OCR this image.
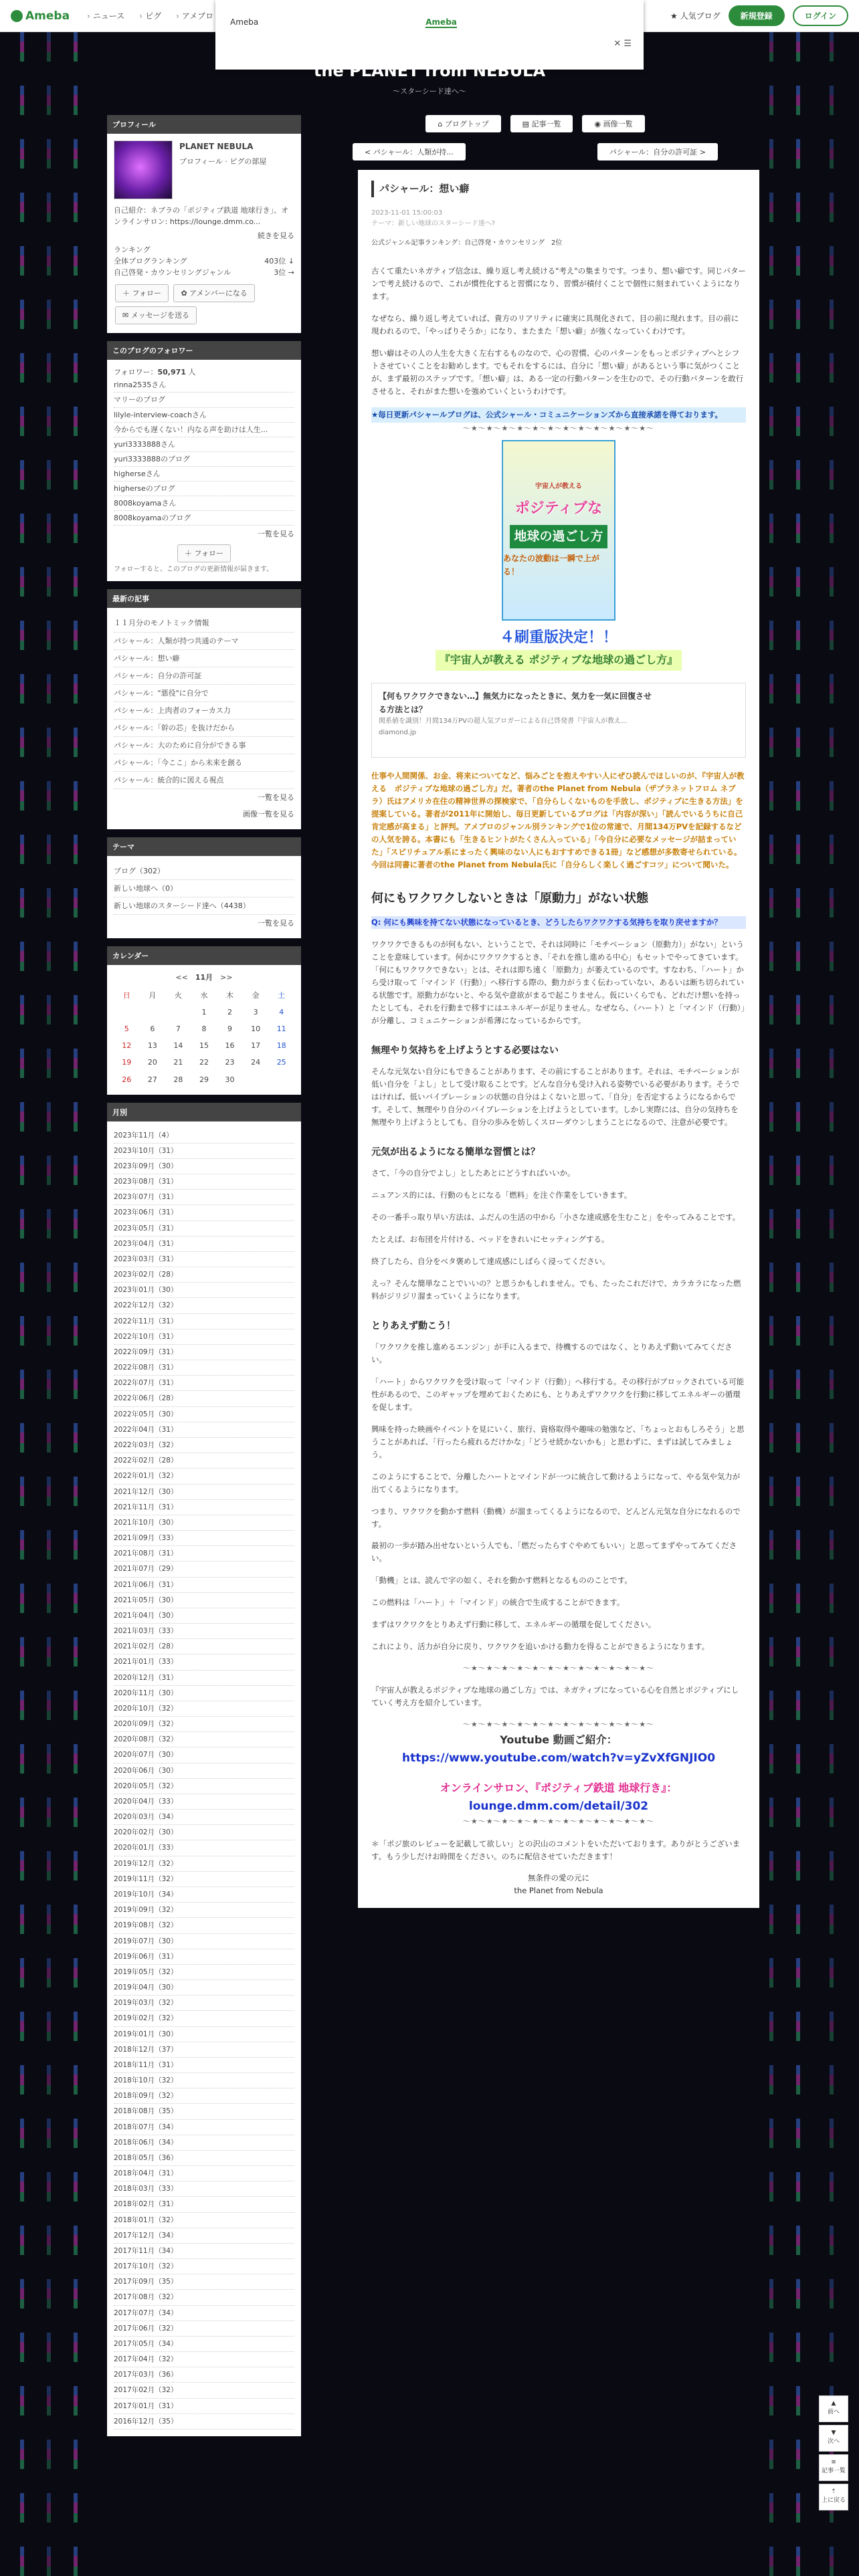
Ameba	› ニュース	› ピグ	› アメブロ	★ 人気ブログ	新規登録	ログイン
Ameba	Ameba
✕ ☰
the PLANET from NEBULA
〜スターシード達へ〜
プロフィール
PLANET NEBULA
プロフィール · ピグの部屋
自己紹介：ネブラの「ポジティブ鉄道 地球行き」、オンラインサロン: https://lounge.dmm.co...
続きを見る
ランキング
全体ブログランキング	403位 ↓
自己啓発・カウンセリングジャンル	3位 →
＋ フォロー	✿ アメンバーになる
✉ メッセージを送る
このブログのフォロワー
フォロワー：50,971 人
rinna2535さん
マリーのブログ
lilyle-interview-coachさん
今からでも遅くない！内なる声を助けは人生...
yuri3333888さん
yuri3333888のブログ
higherseさん
higherseのブログ
8008koyamaさん
8008koyamaのブログ
一覧を見る
＋ フォロー
フォローすると、このブログの更新情報が届きます。
最新の記事
１１月分のモノトミック情報
パシャール：人類が持つ共通のテーマ
パシャール：想い癖
パシャール：自分の許可証
パシャール："悪役"に自分で
パシャール：上肉者のフォーカス力
パシャール：「幹の芯」を抜けだから
パシャール：大のために自分ができる事
パシャール：「今ここ」から未来を創る
パシャール：統合的に図える視点
一覧を見る
画像一覧を見る
テーマ
ブログ（302）
新しい地球へ（0）
新しい地球のスターシード達へ（4438）
一覧を見る
カレンダー
<<　 11月　 >>
日	月	火	水	木	金	土
			1	2	3	4
5	6	7	8	9	10	11
12	13	14	15	16	17	18
19	20	21	22	23	24	25
26	27	28	29	30		
月別
2023年11月（4）
2023年10月（31）
2023年09月（30）
2023年08月（31）
2023年07月（31）
2023年06月（31）
2023年05月（31）
2023年04月（31）
2023年03月（31）
2023年02月（28）
2023年01月（30）
2022年12月（32）
2022年11月（31）
2022年10月（31）
2022年09月（31）
2022年08月（31）
2022年07月（31）
2022年06月（28）
2022年05月（30）
2022年04月（31）
2022年03月（32）
2022年02月（28）
2022年01月（32）
2021年12月（30）
2021年11月（31）
2021年10月（30）
2021年09月（33）
2021年08月（31）
2021年07月（29）
2021年06月（31）
2021年05月（30）
2021年04月（30）
2021年03月（33）
2021年02月（28）
2021年01月（33）
2020年12月（31）
2020年11月（30）
2020年10月（32）
2020年09月（32）
2020年08月（32）
2020年07月（30）
2020年06月（30）
2020年05月（32）
2020年04月（33）
2020年03月（34）
2020年02月（30）
2020年01月（33）
2019年12月（32）
2019年11月（32）
2019年10月（34）
2019年09月（32）
2019年08月（32）
2019年07月（30）
2019年06月（31）
2019年05月（32）
2019年04月（30）
2019年03月（32）
2019年02月（32）
2019年01月（30）
2018年12月（37）
2018年11月（31）
2018年10月（32）
2018年09月（32）
2018年08月（35）
2018年07月（34）
2018年06月（34）
2018年05月（36）
2018年04月（31）
2018年03月（33）
2018年02月（31）
2018年01月（32）
2017年12月（34）
2017年11月（34）
2017年10月（32）
2017年09月（35）
2017年08月（32）
2017年07月（34）
2017年06月（32）
2017年05月（34）
2017年04月（32）
2017年03月（36）
2017年02月（32）
2017年01月（31）
2016年12月（35）
⌂ ブログトップ	▤ 記事一覧	◉ 画像一覧
< パシャール：人類が持...	パシャール：自分の許可証 >
パシャール：想い癖
2023-11-01 15:00:03
テーマ：新しい地球のスターシード達へ?
公式ジャンル記事ランキング：自己啓発・カウンセリング　2位

古くて重たいネガティブ信念は、繰り返し考え続ける"考え"の集まりです。つまり、想い癖です。同じパターンで考え続けるので、これが慣性化すると習慣になり、習慣が積付くことで個性に刻まれていくようになります。

なぜなら、繰り返し考えていれば、貴方のリアリティに確実に具現化されて、目の前に現れます。目の前に現われるので、「やっぱりそうか」になり、またまた「想い癖」が強くなっていくわけです。

想い癖はその人の人生を大きく左右するものなので、心の習慣、心のパターンをもっとポジティブへとシフトさせていくことをお勧めします。でもそれをするには、自分に「想い癖」があるという事に気がつくことが、まず最初のステップです。「想い癖」は、ある一定の行動パターンを生むので、その行動パターンを敢行させると、それがまた想いを強めていくというわけです。

★毎日更新パシャールブログは、公式シャール・コミュニケーションズから直接承諾を得ております。

〜★〜★〜★〜★〜★〜★〜★〜★〜★〜★〜★〜★〜
宇宙人が教える
ポジティブな
地球の過ごし方
あなたの波動は一瞬で上がる！
４刷重版決定！！
『宇宙人が教える ポジティブな地球の過ごし方』
【何もワクワクできない…】無気力になったときに、気力を一気に回復させる方法とは？
関系値を識別！月間134万PVの超人気ブロガーによる自己啓発書『宇宙人が教え...
diamond.jp

仕事や人間関係、お金、将来についてなど、悩みごとを抱えやすい人にぜひ読んでほしいのが、『宇宙人が教える　ポジティブな地球の過ごし方』だ。著者のthe Planet from Nebula（ザプラネットフロム ネブラ）氏はアメリカ在住の精神世界の探検家で、「自分らしくないものを手放し、ポジティブに生きる方法」を提案している。著者が2011年に開始し、毎日更新しているブログは「内容が深い」「読んでいるうちに自己肯定感が高まる」と評判。アメブロのジャンル別ランキングで1位の常連で、月間134万PVを記録するなどの人気を誇る。本書にも「生きるヒントがたくさん入っている」「今自分に必要なメッセージが詰まっていた」「スピリチュアル系にまったく興味のない人にもおすすめできる1冊」など感想が多数寄せられている。今回は同書に著者のthe Planet from Nebula氏に「自分らしく楽しく過ごすコツ」について聞いた。

何にもワクワクしないときは「原動力」がない状態

Q: 何にも興味を持てない状態になっているとき、どうしたらワクワクする気持ちを取り戻せますか？

ワクワクできるものが何もない、ということで、それは同時に「モチベーション（原動力）」がない」ということを意味しています。何かにワクワクするとき、「それを推し進める中心」もセットでやってきています。「何にもワクワクできない」とは、それは即ち遠く「原動力」が萎えているのです。すなわち、「ハート」から受け取って「マインド（行動）」へ移行する際の、動力がうまく伝わっていない、あるいは断ち切られている状態です。原動力がないと、やる気や意欲がまるで起こりません。仮にいくらでも、どれだけ想いを持ったとしても、それを行動まで移すにはエネルギーが足りません。なぜなら、（ハート）と「マインド（行動）」が分離し、コミュニケーションが希薄になっているからです。

無理やり気持ちを上げようとする必要はない

そんな元気ない自分にもできることがあります、その前にすることがあります。それは、モチベーションが低い自分を「よし」として受け取ることです。どんな自分も受け入れる姿勢でいる必要があります。そうではければ、低いバイブレーションの状態の自分はよくないと思って、「自分」を否定するようになるからです。そして、無理やり自分のバイブレーションを上げようとしています。しかし実際には、自分の気持ちを無理やり上げようとしても、自分の歩みを妨しくスローダウンしまうことになるので、注意が必要です。

元気が出るようになる簡単な習慣とは？

さて、「今の自分でよし」としたあとにどうすればいいか。

ニュアンス的には、行動のもとになる「燃料」を注ぐ作業をしていきます。

その一番手っ取り早い方法は、ふだんの生活の中から「小さな達成感を生むこと」をやってみることです。

たとえば、お布団を片付ける、ベッドをきれいにセッティングする。

終了したら、自分をベタ褒めして達成感にしばらく浸ってください。

えっ？そんな簡単なことでいいの？と思うかもしれません。でも、たったこれだけで、カラカラになった燃料がジリジリ溜まっていくようになります。

とりあえず動こう！

「ワクワクを推し進めるエンジン」が手に入るまで、待機するのではなく、とりあえず動いてみてください。

「ハート」からワクワクを受け取って「マインド（行動）」へ移行する。その移行がブロックされている可能性があるので、このギャップを埋めておくためにも、とりあえずワクワクを行動に移してエネルギーの循環を促します。

興味を持った映画やイベントを見にいく、旅行、資格取得や趣味の勉強など、「ちょっとおもしろそう」と思うことがあれば、「行ったら疲れるだけかな」「どうせ続かないかも」と思わずに、まずは試してみましょう。

このようにすることで、分離したハートとマインドが一つに統合して動けるようになって、やる気や気力が出てくるようになります。

つまり、ワクワクを動かす燃料（動機）が溜まってくるようになるので、どんどん元気な自分になれるのです。

最初の一歩が踏み出せないという人でも、「燃だったらすぐやめてもいい」と思ってまずやってみてください。

「動機」とは、読んで字の如く、それを動かす燃料となるもののことです。

この燃料は「ハート」＋「マインド」の統合で生成することができます。

まずはワクワクをとりあえず行動に移して、エネルギーの循環を促してください。

これにより、活力が自分に戻り、ワクワクを追いかける動力を得ることができるようになります。

〜★〜★〜★〜★〜★〜★〜★〜★〜★〜★〜★〜★〜

『宇宙人が教えるポジティブな地球の過ごし方』では、ネガティブになっている心を自然とポジティブにしていく考え方を紹介しています。

〜★〜★〜★〜★〜★〜★〜★〜★〜★〜★〜★〜★〜
Youtube 動画ご紹介：
https://www.youtube.com/watch?v=yZvXfGNJIO0
オンラインサロン、『ポジティブ鉄道 地球行き』：
lounge.dmm.com/detail/302
〜★〜★〜★〜★〜★〜★〜★〜★〜★〜★〜★〜★〜

＊「ポジ旅のレビューを記載して欲しい」との沢山のコメントをいただいております。ありがとうございます。もう少しだけお時間をください。のちに配信させていただきます！

無条件の愛の元に
the Planet from Nebula
▲
前へ
▼
次へ
≡
記事一覧
⇡
上に戻る
